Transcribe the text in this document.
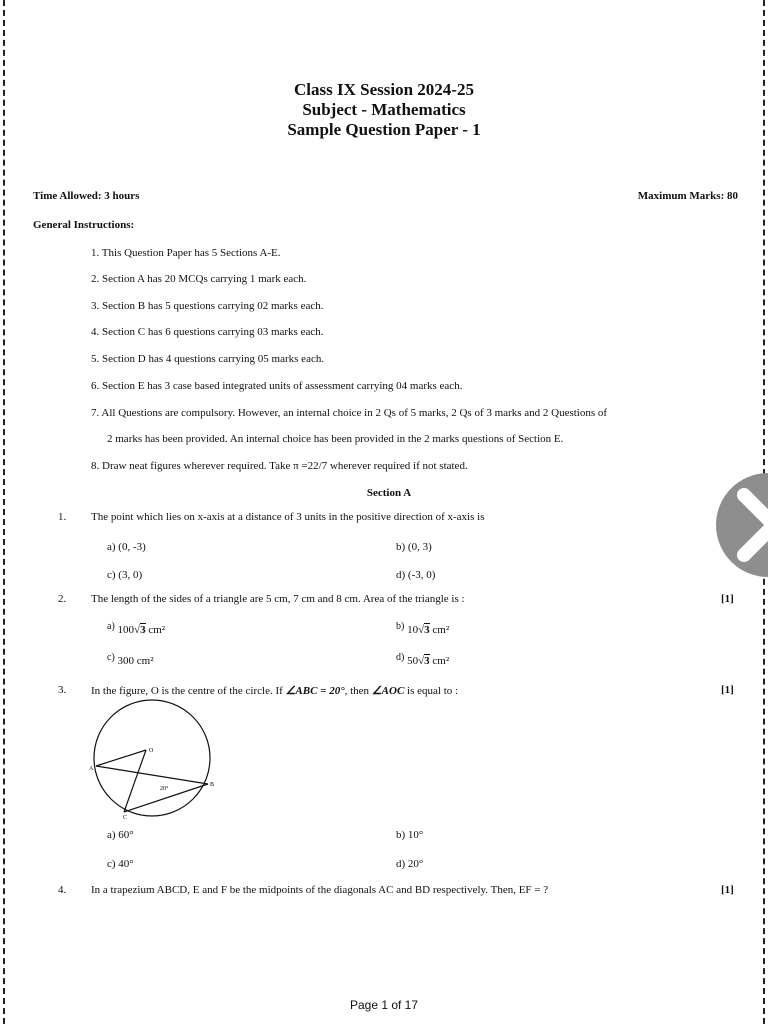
Class IX Session 2024-25
Subject - Mathematics
Sample Question Paper - 1
Time Allowed: 3 hours	Maximum Marks: 80
General Instructions:
1. This Question Paper has 5 Sections A-E.
2. Section A has 20 MCQs carrying 1 mark each.
3. Section B has 5 questions carrying 02 marks each.
4. Section C has 6 questions carrying 03 marks each.
5. Section D has 4 questions carrying 05 marks each.
6. Section E has 3 case based integrated units of assessment carrying 04 marks each.
7. All Questions are compulsory. However, an internal choice in 2 Qs of 5 marks, 2 Qs of 3 marks and 2 Questions of
2 marks has been provided. An internal choice has been provided in the 2 marks questions of Section E.
8. Draw neat figures wherever required. Take π =22/7 wherever required if not stated.
Section A
1. The point which lies on x-axis at a distance of 3 units in the positive direction of x-axis is
a) (0, -3)	b) (0, 3)
c) (3, 0)	d) (-3, 0)
2. The length of the sides of a triangle are 5 cm, 7 cm and 8 cm. Area of the triangle is :	[1]
a) 100√3 cm²	b) 10√3 cm²
c) 300 cm²	d) 50√3 cm²
3. In the figure, O is the centre of the circle. If ∠ABC = 20°, then ∠AOC is equal to :	[1]
O
A
B
C
20°
a) 60°	b) 10°
c) 40°	d) 20°
4. In a trapezium ABCD, E and F be the midpoints of the diagonals AC and BD respectively. Then, EF = ?	[1]
Page 1 of 17
